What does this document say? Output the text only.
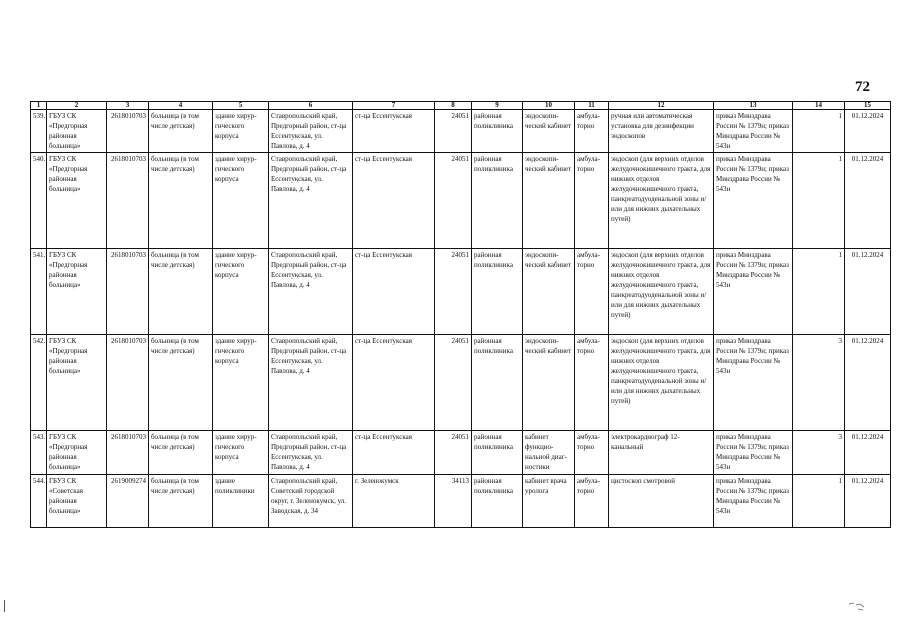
72
1	2	3	4	5	6	7	8	9	10	11	12	13	14	15
539.	ГБУЗ СК «Предгорная районная больница»	2618010703	больница (в том числе детская)	здание хирур-гического корпуса	Ставропольский край, Предгорный район, ст-ца Ессентукская, ул. Павлова, д. 4	ст-ца Ессентукская	24051	районная поликлиника	эндоскопи-ческий кабинет	амбула-торно	ручная или автоматическая установка для дезинфекции эндоскопов	приказ Минздрава России № 1379н; приказ Минздрава России № 543н	1	01.12.2024
540.	ГБУЗ СК «Предгорная районная больница»	2618010703	больница (в том числе детская)	здание хирур-гического корпуса	Ставропольский край, Предгорный район, ст-ца Ессентукская, ул. Павлова, д. 4	ст-ца Ессентукская	24051	районная поликлиника	эндоскопи-ческий кабинет	амбула-торно	эндоскоп (для верхних отделов желудочнокишечного тракта, для нижних отделов желудочнокишечного тракта, панкреатодуоденальной зоны и/или для нижних дыхательных путей)	приказ Минздрава России № 1379н; приказ Минздрава России № 543н	1	01.12.2024
541.	ГБУЗ СК «Предгорная районная больница»	2618010703	больница (в том числе детская)	здание хирур-гического корпуса	Ставропольский край, Предгорный район, ст-ца Ессентукская, ул. Павлова, д. 4	ст-ца Ессентукская	24051	районная поликлиника	эндоскопи-ческий кабинет	амбула-торно	эндоскоп (для верхних отделов желудочнокишечного тракта, для нижних отделов желудочнокишечного тракта, панкреатодуоденальной зоны и/или для нижних дыхательных путей)	приказ Минздрава России № 1379н; приказ Минздрава России № 543н	1	01.12.2024
542.	ГБУЗ СК «Предгорная районная больница»	2618010703	больница (в том числе детская)	здание хирур-гического корпуса	Ставропольский край, Предгорный район, ст-ца Ессентукская, ул. Павлова, д. 4	ст-ца Ессентукская	24051	районная поликлиника	эндоскопи-ческий кабинет	амбула-торно	эндоскоп (для верхних отделов желудочнокишечного тракта, для нижних отделов желудочнокишечного тракта, панкреатодуоденальной зоны и/или для нижних дыхательных путей)	приказ Минздрава России № 1379н; приказ Минздрава России № 543н	3	01.12.2024
543.	ГБУЗ СК «Предгорная районная больница»	2618010703	больница (в том числе детская)	здание хирур-гического корпуса	Ставропольский край, Предгорный район, ст-ца Ессентукская, ул. Павлова, д. 4	ст-ца Ессентукская	24051	районная поликлиника	кабинет функцио-нальной диаг-ностики	амбула-торно	электрокардиограф 12-канальный	приказ Минздрава России № 1379н; приказ Минздрава России № 543н	3	01.12.2024
544.	ГБУЗ СК «Советская районная больница»	2619009274	больница (в том числе детская)	здание поликлиники	Ставропольский край, Советский городской округ, г. Зеленокумск, ул. Заводская, д. 34	г. Зеленокумск	34113	районная поликлиника	кабинет врача уролога	амбула-торно	цистоскоп смотровой	приказ Минздрава России № 1379н; приказ Минздрава России № 543н	1	01.12.2024
